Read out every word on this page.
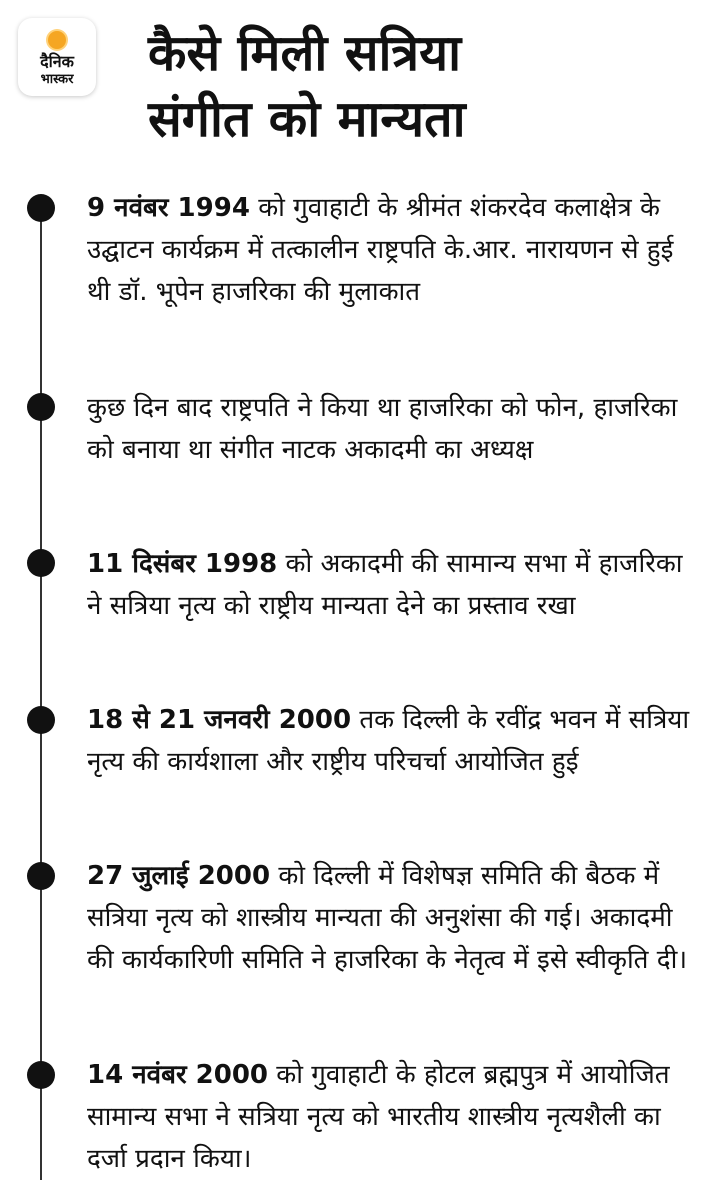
दैनिक
भास्कर	कैसे मिली सत्रिया
संगीत को मान्यता

9 नवंबर 1994 को गुवाहाटी के श्रीमंत शंकरदेव कलाक्षेत्र के उद्घाटन कार्यक्रम में तत्कालीन राष्ट्रपति के.आर. नारायणन से हुई थी डॉ. भूपेन हाजरिका की मुलाकात

कुछ दिन बाद राष्ट्रपति ने किया था हाजरिका को फोन, हाजरिका को बनाया था संगीत नाटक अकादमी का अध्यक्ष

11 दिसंबर 1998 को अकादमी की सामान्य सभा में हाजरिका ने सत्रिया नृत्य को राष्ट्रीय मान्यता देने का प्रस्ताव रखा

18 से 21 जनवरी 2000 तक दिल्ली के रवींद्र भवन में सत्रिया नृत्य की कार्यशाला और राष्ट्रीय परिचर्चा आयोजित हुई

27 जुलाई 2000 को दिल्ली में विशेषज्ञ समिति की बैठक में सत्रिया नृत्य को शास्त्रीय मान्यता की अनुशंसा की गई। अकादमी की कार्यकारिणी समिति ने हाजरिका के नेतृत्व में इसे स्वीकृति दी।

14 नवंबर 2000 को गुवाहाटी के होटल ब्रह्मपुत्र में आयोजित सामान्य सभा ने सत्रिया नृत्य को भारतीय शास्त्रीय नृत्यशैली का दर्जा प्रदान किया।
